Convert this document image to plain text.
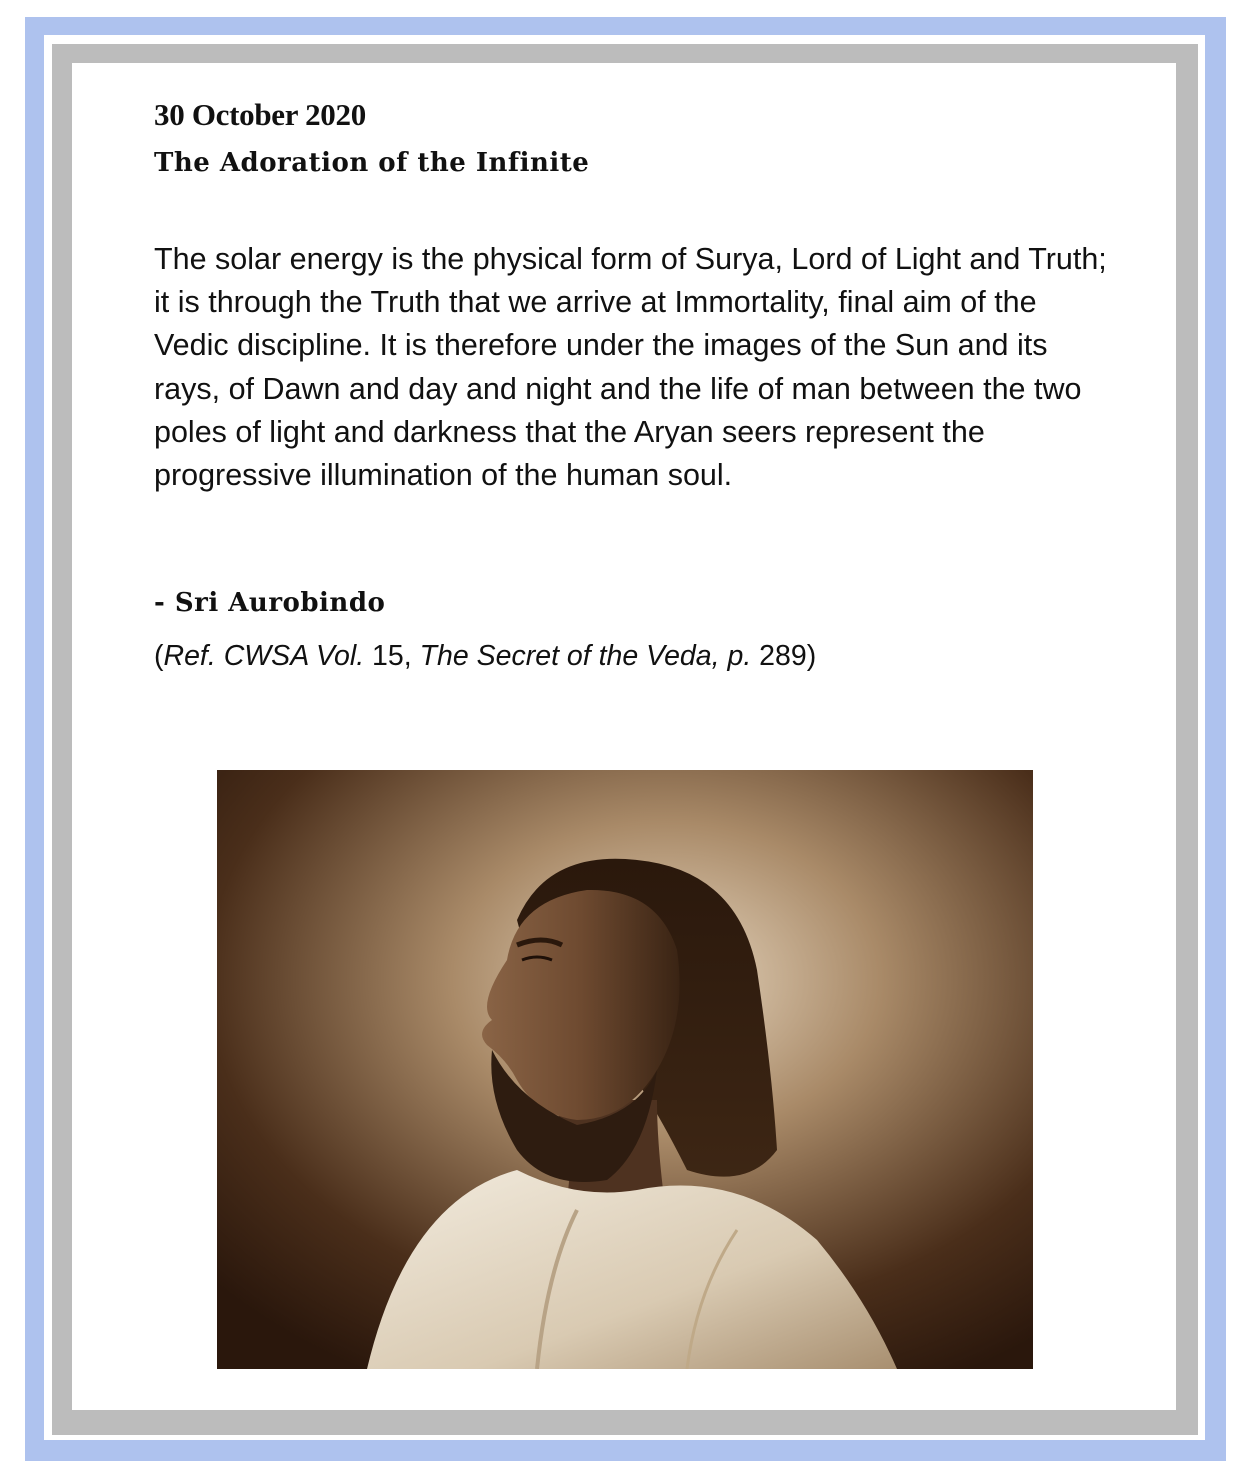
30 October 2020
The Adoration of the Infinite

The solar energy is the physical form of Surya, Lord of Light and Truth; it is through the Truth that we arrive at Immortality, final aim of the Vedic discipline. It is therefore under the images of the Sun and its rays, of Dawn and day and night and the life of man between the two poles of light and darkness that the Aryan seers represent the progressive illumination of the human soul.

- Sri Aurobindo
(Ref. CWSA Vol. 15, The Secret of the Veda, p. 289)
